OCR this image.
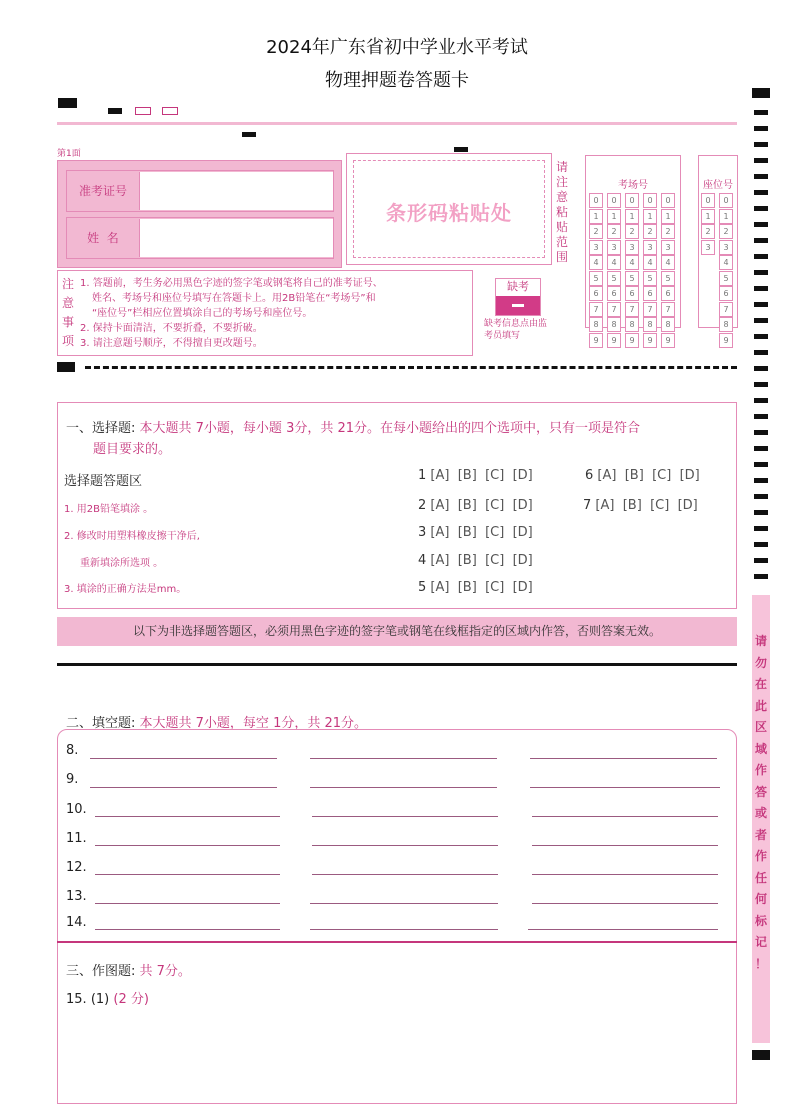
2024年广东省初中学业水平考试
物理押题卷答题卡
第1面
准考证号
姓  名
条形码粘贴处
请注意粘贴范围
考场号
0
1
2
3
4
5
6
7
8
9
0
1
2
3
4
5
6
7
8
9
0
1
2
3
4
5
6
7
8
9
0
1
2
3
4
5
6
7
8
9
0
1
2
3
4
5
6
7
8
9
座位号
0
1
2
3
0
1
2
3
4
5
6
7
8
9
注意事项
1. 答题前，考生务必用黑色字迹的签字笔或钢笔将自己的准考证号、
姓名、考场号和座位号填写在答题卡上。用2B铅笔在“考场号”和
“座位号”栏相应位置填涂自己的考场号和座位号。
2. 保持卡面清洁，不要折叠，不要折破。
3. 请注意题号顺序，不得擅自更改题号。
缺考
缺考信息点由监考员填写
一、选择题: 本大题共 7小题，每小题 3分，共 21分。在每小题给出的四个选项中，只有一项是符合
题目要求的。
选择题答题区
1. 用2B铅笔填涂 。
2. 修改时用塑料橡皮擦干净后,
重新填涂所选项 。
3. 填涂的正确方法是mm。
1 [A] [B] [C] [D]
2 [A] [B] [C] [D]
3 [A] [B] [C] [D]
4 [A] [B] [C] [D]
5 [A] [B] [C] [D]
6 [A] [B] [C] [D]
7 [A] [B] [C] [D]
以下为非选择题答题区，必须用黑色字迹的签字笔或钢笔在线框指定的区域内作答，否则答案无效。
请
勿
在
此
区
域
作
答
或
者
作
任
何
标
记
！
二、填空题: 本大题共 7小题，每空 1分，共 21分。
8.
9.
10.
11.
12.
13.
14.
三、作图题: 共 7分。
15. (1) (2 分)
